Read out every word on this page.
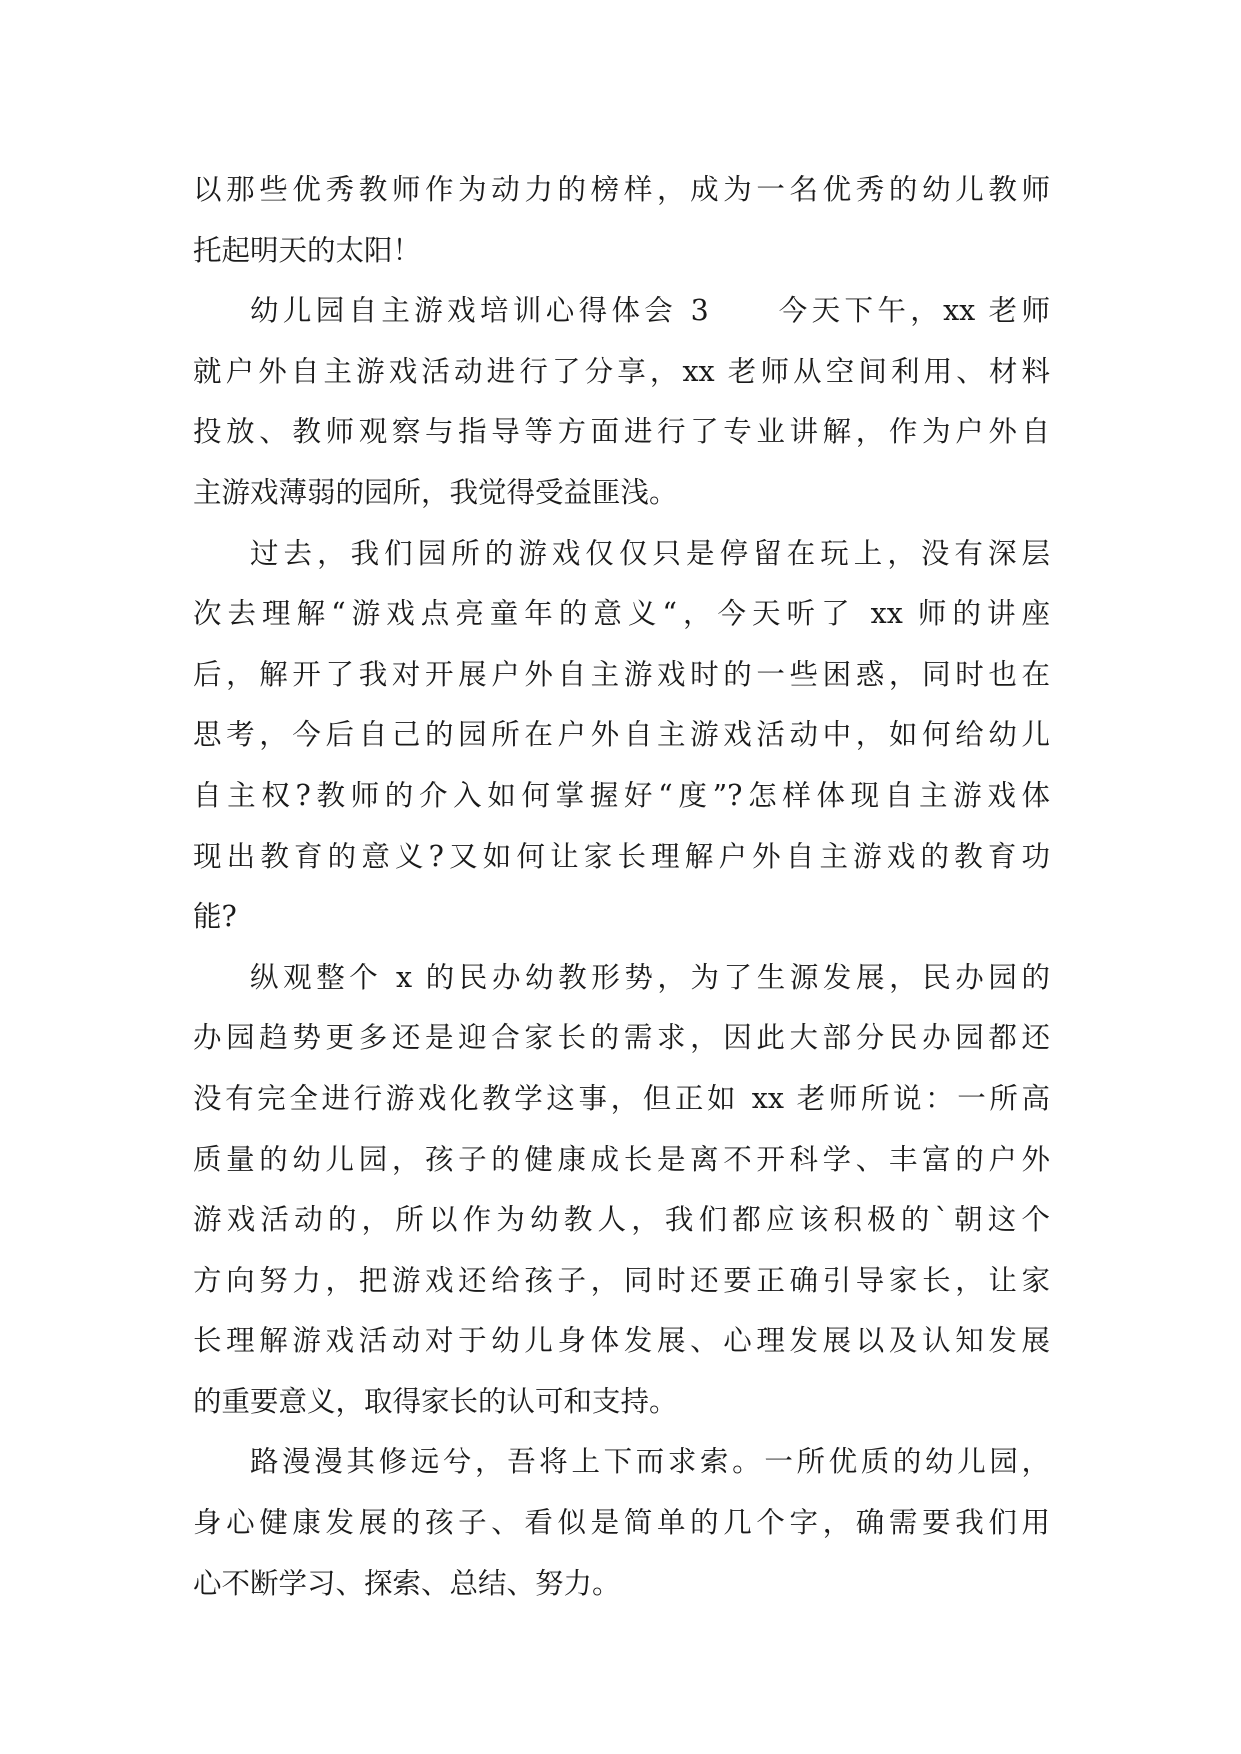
以那些优秀教师作为动力的榜样，成为一名优秀的幼儿教师
托起明天的太阳！
幼儿园自主游戏培训心得体会 3　　今天下午，xx 老师
就户外自主游戏活动进行了分享，xx 老师从空间利用、材料
投放、教师观察与指导等方面进行了专业讲解，作为户外自
主游戏薄弱的园所，我觉得受益匪浅。
过去，我们园所的游戏仅仅只是停留在玩上，没有深层
次去理解“游戏点亮童年的意义“，今天听了 xx 师的讲座
后，解开了我对开展户外自主游戏时的一些困惑，同时也在
思考，今后自己的园所在户外自主游戏活动中，如何给幼儿
自主权?教师的介入如何掌握好“度”?怎样体现自主游戏体
现出教育的意义?又如何让家长理解户外自主游戏的教育功
能?
纵观整个 x 的民办幼教形势，为了生源发展，民办园的
办园趋势更多还是迎合家长的需求，因此大部分民办园都还
没有完全进行游戏化教学这事，但正如 xx 老师所说：一所高
质量的幼儿园，孩子的健康成长是离不开科学、丰富的户外
游戏活动的，所以作为幼教人，我们都应该积极的`朝这个
方向努力，把游戏还给孩子，同时还要正确引导家长，让家
长理解游戏活动对于幼儿身体发展、心理发展以及认知发展
的重要意义，取得家长的认可和支持。
路漫漫其修远兮，吾将上下而求索。一所优质的幼儿园，
身心健康发展的孩子、看似是简单的几个字，确需要我们用
心不断学习、探索、总结、努力。
